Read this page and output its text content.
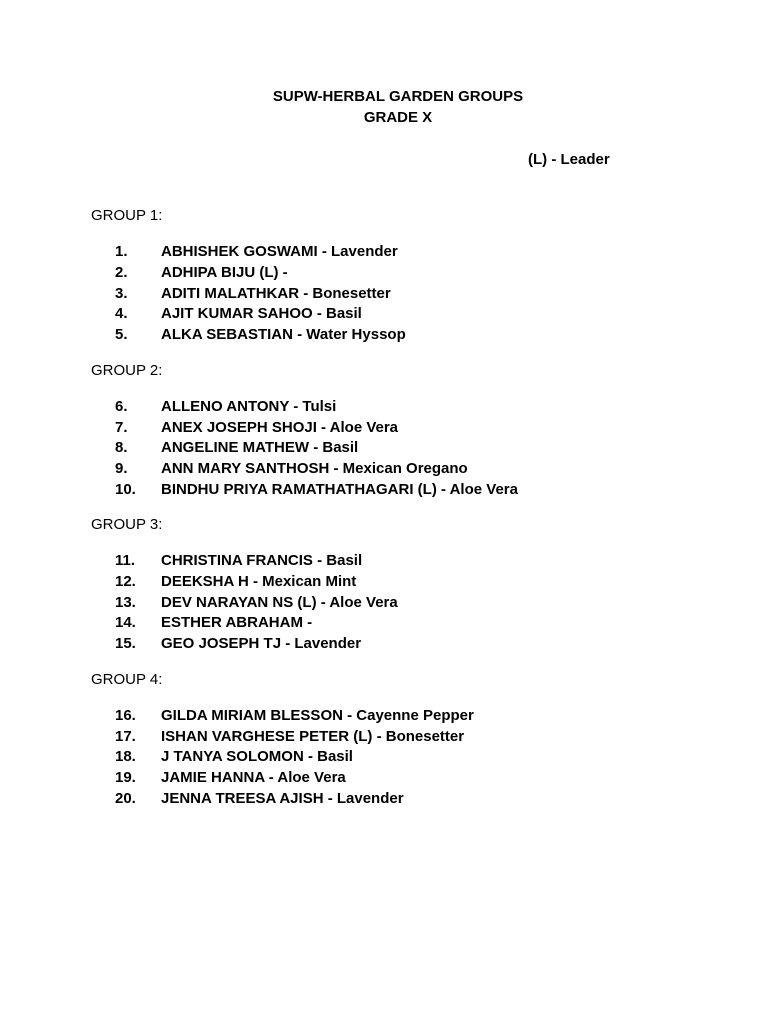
SUPW-HERBAL GARDEN GROUPS
GRADE X
(L) - Leader
GROUP 1:
1. ABHISHEK GOSWAMI - Lavender
2. ADHIPA BIJU (L) -
3. ADITI MALATHKAR - Bonesetter
4. AJIT KUMAR SAHOO - Basil
5. ALKA SEBASTIAN - Water Hyssop
GROUP 2:
6. ALLENO ANTONY - Tulsi
7. ANEX JOSEPH SHOJI - Aloe Vera
8. ANGELINE MATHEW - Basil
9. ANN MARY SANTHOSH - Mexican Oregano
10. BINDHU PRIYA RAMATHATHAGARI (L) - Aloe Vera
GROUP 3:
11. CHRISTINA FRANCIS - Basil
12. DEEKSHA H - Mexican Mint
13. DEV NARAYAN NS (L) - Aloe Vera
14. ESTHER ABRAHAM -
15. GEO JOSEPH TJ - Lavender
GROUP 4:
16. GILDA MIRIAM BLESSON - Cayenne Pepper
17. ISHAN VARGHESE PETER (L) - Bonesetter
18. J TANYA SOLOMON - Basil
19. JAMIE HANNA - Aloe Vera
20. JENNA TREESA AJISH - Lavender
